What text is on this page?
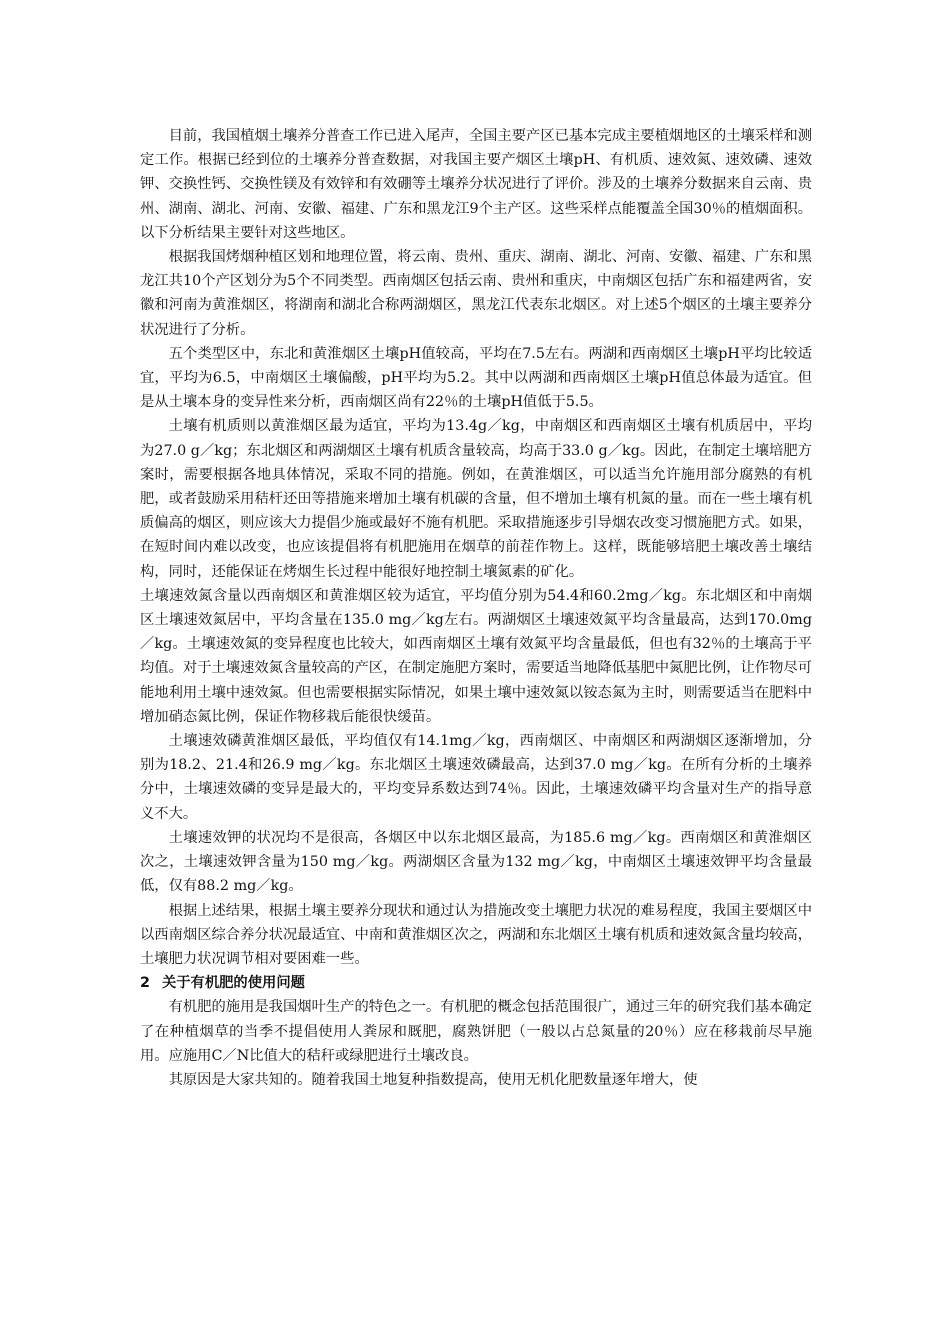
目前，我国植烟土壤养分普查工作已进入尾声，全国主要产区已基本完成主要植烟地区的土壤采样和测定工作。根据已经到位的土壤养分普查数据，对我国主要产烟区土壤pH、有机质、速效氮、速效磷、速效钾、交换性钙、交换性镁及有效锌和有效硼等土壤养分状况进行了评价。涉及的土壤养分数据来自云南、贵州、湖南、湖北、河南、安徽、福建、广东和黑龙江9个主产区。这些采样点能覆盖全国30％的植烟面积。以下分析结果主要针对这些地区。

根据我国烤烟种植区划和地理位置，将云南、贵州、重庆、湖南、湖北、河南、安徽、福建、广东和黑龙江共10个产区划分为5个不同类型。西南烟区包括云南、贵州和重庆，中南烟区包括广东和福建两省，安徽和河南为黄淮烟区，将湖南和湖北合称两湖烟区，黑龙江代表东北烟区。对上述5个烟区的土壤主要养分状况进行了分析。

五个类型区中，东北和黄淮烟区土壤pH值较高，平均在7.5左右。两湖和西南烟区土壤pH平均比较适宜，平均为6.5，中南烟区土壤偏酸，pH平均为5.2。其中以两湖和西南烟区土壤pH值总体最为适宜。但是从土壤本身的变异性来分析，西南烟区尚有22％的土壤pH值低于5.5。

土壤有机质则以黄淮烟区最为适宜，平均为13.4g／kg，中南烟区和西南烟区土壤有机质居中，平均为27.0 g／kg；东北烟区和两湖烟区土壤有机质含量较高，均高于33.0 g／kg。因此，在制定土壤培肥方案时，需要根据各地具体情况，采取不同的措施。例如，在黄淮烟区，可以适当允许施用部分腐熟的有机肥，或者鼓励采用秸杆还田等措施来增加土壤有机碳的含量，但不增加土壤有机氮的量。而在一些土壤有机质偏高的烟区，则应该大力提倡少施或最好不施有机肥。采取措施逐步引导烟农改变习惯施肥方式。如果，在短时间内难以改变，也应该提倡将有机肥施用在烟草的前茬作物上。这样，既能够培肥土壤改善土壤结构，同时，还能保证在烤烟生长过程中能很好地控制土壤氮素的矿化。

土壤速效氮含量以西南烟区和黄淮烟区较为适宜，平均值分别为54.4和60.2mg／kg。东北烟区和中南烟区土壤速效氮居中，平均含量在135.0 mg／kg左右。两湖烟区土壤速效氮平均含量最高，达到170.0mg／kg。土壤速效氮的变异程度也比较大，如西南烟区土壤有效氮平均含量最低，但也有32％的土壤高于平均值。对于土壤速效氮含量较高的产区，在制定施肥方案时，需要适当地降低基肥中氮肥比例，让作物尽可能地利用土壤中速效氮。但也需要根据实际情况，如果土壤中速效氮以铵态氮为主时，则需要适当在肥料中增加硝态氮比例，保证作物移栽后能很快缓苗。

土壤速效磷黄淮烟区最低，平均值仅有14.1mg／kg，西南烟区、中南烟区和两湖烟区逐渐增加，分别为18.2、21.4和26.9 mg／kg。东北烟区土壤速效磷最高，达到37.0 mg／kg。在所有分析的土壤养分中，土壤速效磷的变异是最大的，平均变异系数达到74％。因此，土壤速效磷平均含量对生产的指导意义不大。

土壤速效钾的状况均不是很高，各烟区中以东北烟区最高，为185.6 mg／kg。西南烟区和黄淮烟区次之，土壤速效钾含量为150 mg／kg。两湖烟区含量为132 mg／kg，中南烟区土壤速效钾平均含量最低，仅有88.2 mg／kg。

根据上述结果，根据土壤主要养分现状和通过认为措施改变土壤肥力状况的难易程度，我国主要烟区中以西南烟区综合养分状况最适宜、中南和黄淮烟区次之，两湖和东北烟区土壤有机质和速效氮含量均较高，土壤肥力状况调节相对要困难一些。

2 关于有机肥的使用问题

有机肥的施用是我国烟叶生产的特色之一。有机肥的概念包括范围很广，通过三年的研究我们基本确定了在种植烟草的当季不提倡使用人粪尿和厩肥，腐熟饼肥（一般以占总氮量的20％）应在移栽前尽早施用。应施用C／N比值大的秸秆或绿肥进行土壤改良。

其原因是大家共知的。随着我国土地复种指数提高，使用无机化肥数量逐年增大，使
